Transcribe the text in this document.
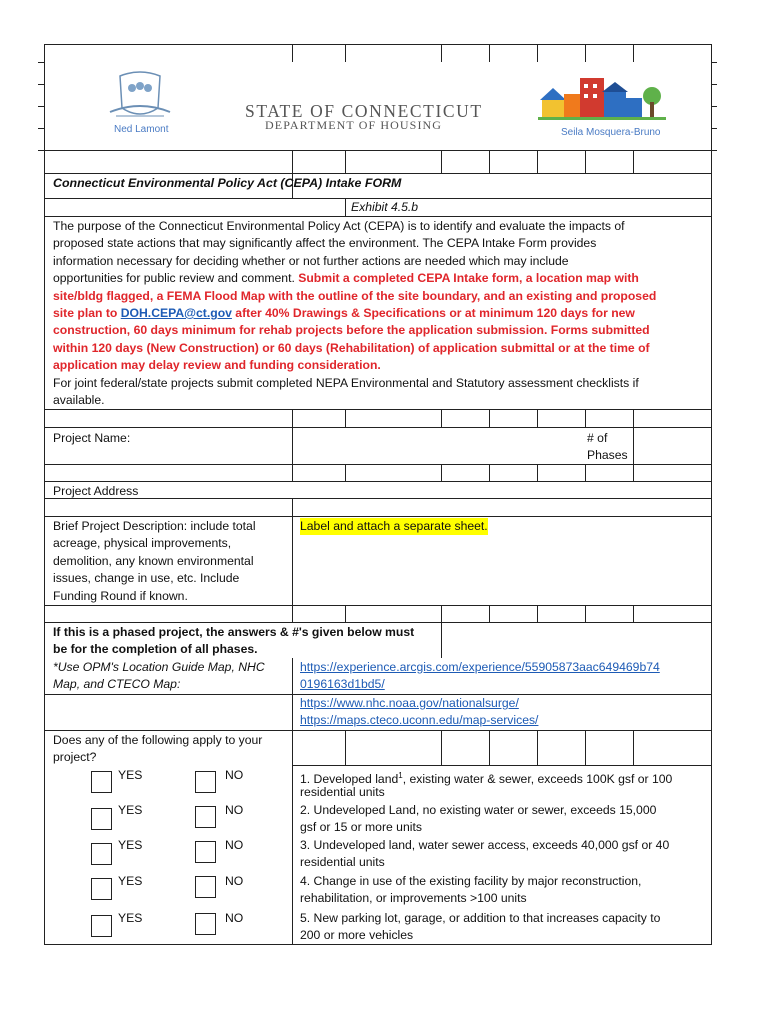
Ned Lamont
STATE OF CONNECTICUT
DEPARTMENT OF HOUSING
Seila Mosquera-Bruno
Connecticut Environmental Policy Act (CEPA) Intake FORM
Exhibit 4.5.b
The purpose of the Connecticut Environmental Policy Act (CEPA) is to identify and evaluate the impacts of
proposed state actions that may significantly affect the environment. The CEPA Intake Form provides
information necessary for deciding whether or not further actions are needed which may include
opportunities for public review and comment. Submit a completed CEPA Intake form, a location map with
site/bldg flagged, a FEMA Flood Map with the outline of the site boundary, and an existing and proposed
site plan to DOH.CEPA@ct.gov after 40% Drawings & Specifications or at minimum 120 days for new
construction, 60 days minimum for rehab projects before the application submission. Forms submitted
within 120 days (New Construction) or 60 days (Rehabilitation) of application submittal or at the time of
application may delay review and funding consideration.
For joint federal/state projects submit completed NEPA Environmental and Statutory assessment checklists if
available.
Project Name:	# of
Phases
Project Address
Brief Project Description: include total
acreage, physical improvements,
demolition, any known environmental
issues, change in use, etc. Include
Funding Round if known.
Label and attach a separate sheet.
If this is a phased project, the answers & #'s given below must
be for the completion of all phases.
*Use OPM's Location Guide Map, NHC
Map, and CTECO Map:
https://experience.arcgis.com/experience/55905873aac649469b74
0196163d1bd5/
https://www.nhc.noaa.gov/nationalsurge/
https://maps.cteco.uconn.edu/map-services/
Does any of the following apply to your
project?
YES	NO	1. Developed land$^1$, existing water & sewer, exceeds 100K gsf or 100
residential units
YES	NO	2. Undeveloped Land, no existing water or sewer, exceeds 15,000
gsf or 15 or more units
YES	NO	3. Undeveloped land, water sewer access, exceeds 40,000 gsf or 40
residential units
YES	NO	4. Change in use of the existing facility by major reconstruction,
rehabilitation, or improvements >100 units
YES	NO	5. New parking lot, garage, or addition to that increases capacity to
200 or more vehicles
